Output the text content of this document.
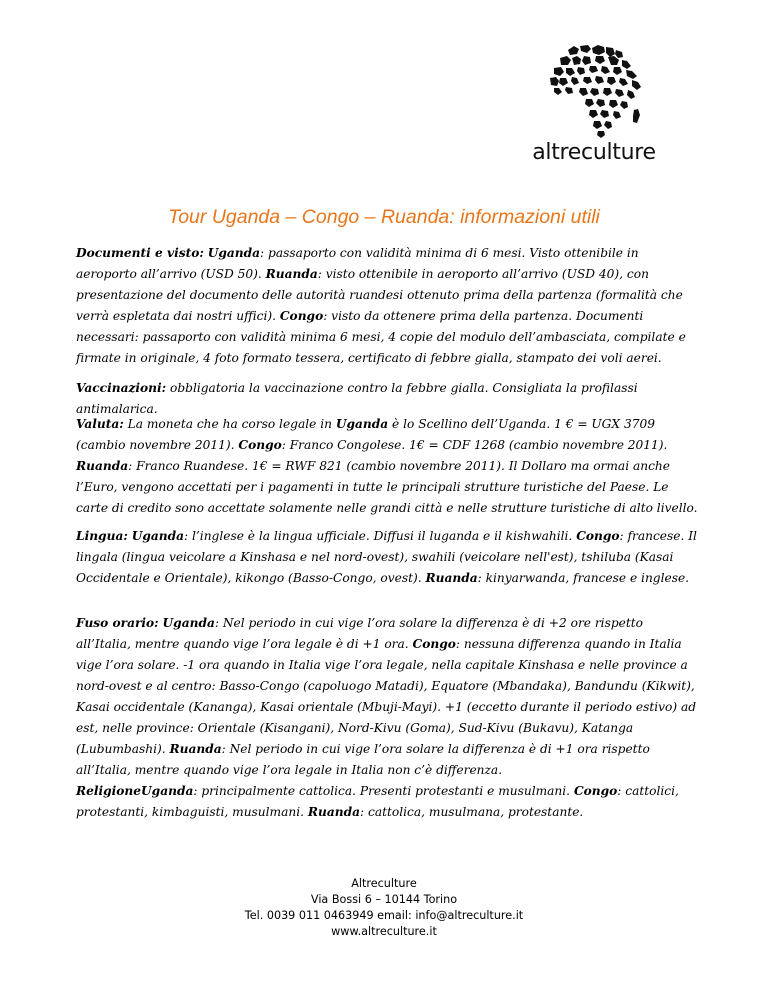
altreculture
Tour Uganda – Congo – Ruanda: informazioni utili
Documenti e visto: Uganda: passaporto con validità minima di 6 mesi. Visto ottenibile in aeroporto all’arrivo (USD 50). Ruanda: visto ottenibile in aeroporto all’arrivo (USD 40), con presentazione del documento delle autorità ruandesi ottenuto prima della partenza (formalità che verrà espletata dai nostri uffici). Congo: visto da ottenere prima della partenza. Documenti necessari: passaporto con validità minima 6 mesi, 4 copie del modulo dell’ambasciata, compilate e firmate in originale, 4 foto formato tessera, certificato di febbre gialla, stampato dei voli aerei.
Vaccinazioni: obbligatoria la vaccinazione contro la febbre gialla. Consigliata la profilassi antimalarica.
Valuta: La moneta che ha corso legale in Uganda è lo Scellino dell’Uganda. 1 € = UGX 3709 (cambio novembre 2011). Congo: Franco Congolese. 1€ = CDF 1268 (cambio novembre 2011). Ruanda: Franco Ruandese. 1€ = RWF 821 (cambio novembre 2011). Il Dollaro ma ormai anche l’Euro, vengono accettati per i pagamenti in tutte le principali strutture turistiche del Paese. Le carte di credito sono accettate solamente nelle grandi città e nelle strutture turistiche di alto livello.
Lingua: Uganda: l’inglese è la lingua ufficiale. Diffusi il luganda e il kishwahili. Congo: francese. Il lingala (lingua veicolare a Kinshasa e nel nord-ovest), swahili (veicolare nell'est), tshiluba (Kasai Occidentale e Orientale), kikongo (Basso-Congo, ovest). Ruanda: kinyarwanda, francese e inglese.
Fuso orario: Uganda: Nel periodo in cui vige l’ora solare la differenza è di +2 ore rispetto all’Italia, mentre quando vige l’ora legale è di +1 ora. Congo: nessuna differenza quando in Italia vige l’ora solare. -1 ora quando in Italia vige l’ora legale, nella capitale Kinshasa e nelle province a nord-ovest e al centro: Basso-Congo (capoluogo Matadi), Equatore (Mbandaka), Bandundu (Kikwit), Kasai occidentale (Kananga), Kasai orientale (Mbuji-Mayi). +1 (eccetto durante il periodo estivo) ad est, nelle province: Orientale (Kisangani), Nord-Kivu (Goma), Sud-Kivu (Bukavu), Katanga (Lubumbashi). Ruanda: Nel periodo in cui vige l’ora solare la differenza è di +1 ora rispetto all’Italia, mentre quando vige l’ora legale in Italia non c’è differenza.
ReligioneUganda: principalmente cattolica. Presenti protestanti e musulmani. Congo: cattolici, protestanti, kimbaguisti, musulmani. Ruanda: cattolica, musulmana, protestante.
Altreculture
Via Bossi 6 – 10144 Torino
Tel. 0039 011 0463949 email: info@altreculture.it
www.altreculture.it
